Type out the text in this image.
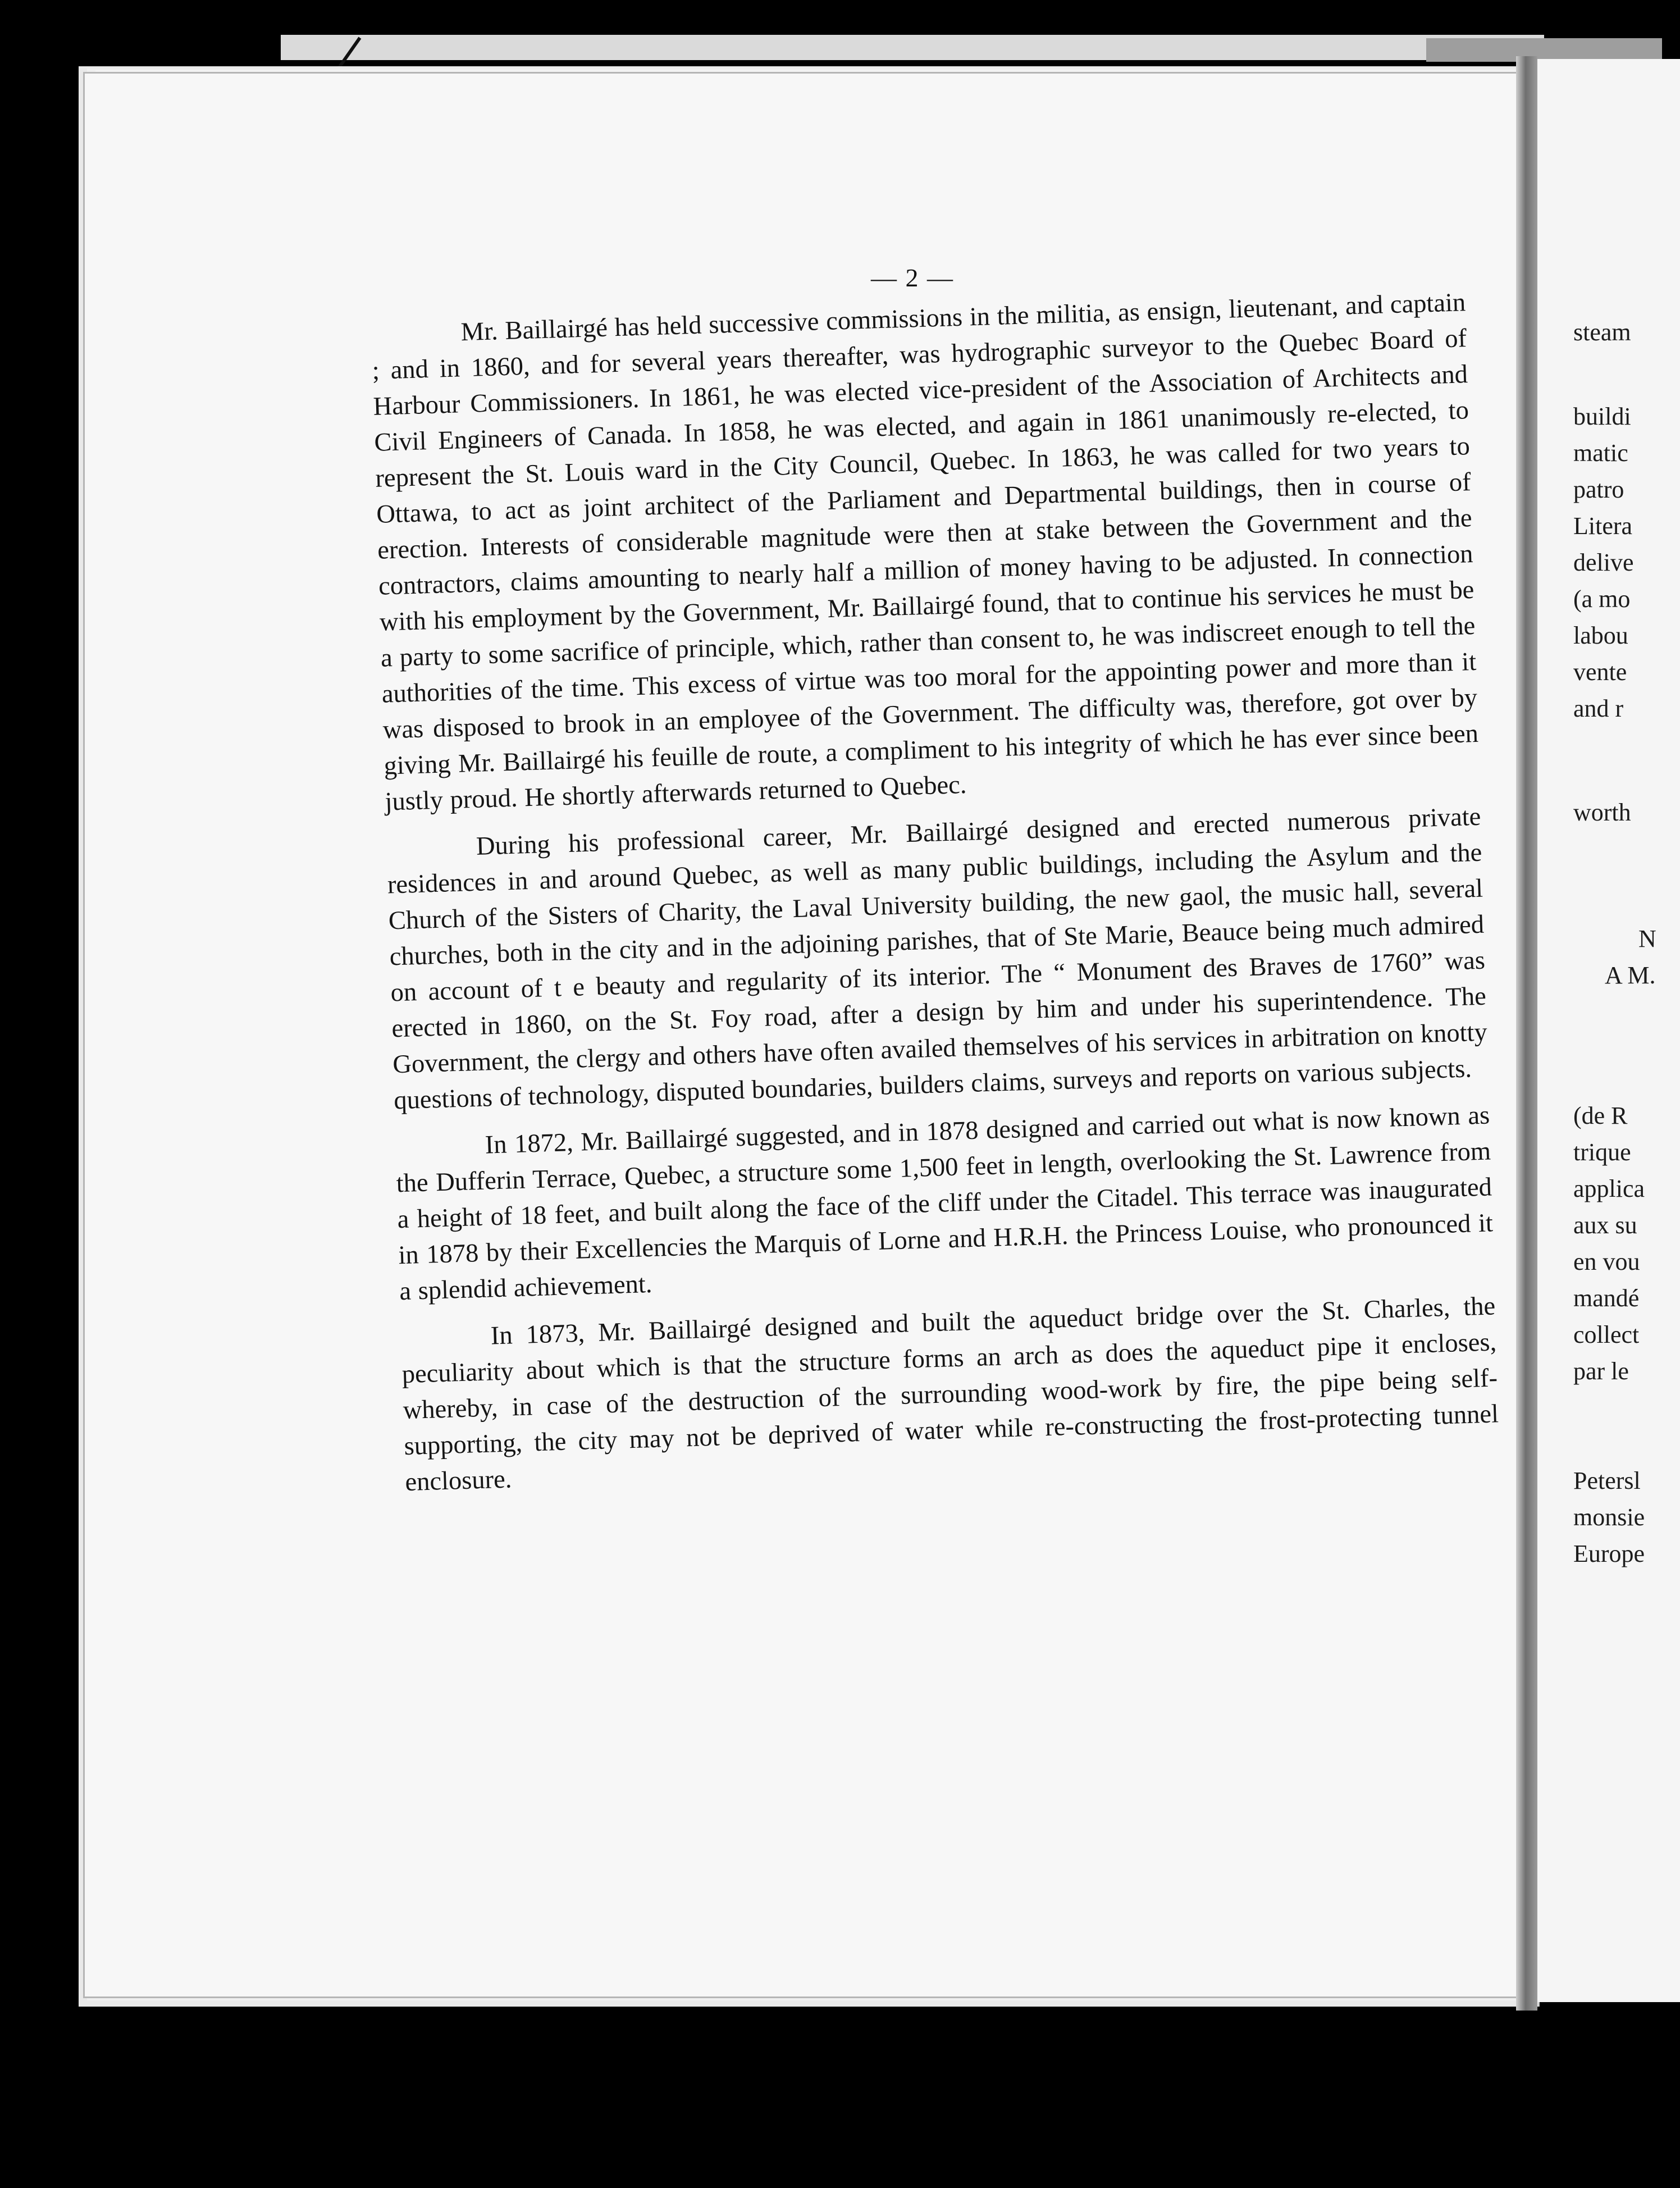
— 2 —

Mr. Baillairgé has held successive commissions in the militia, as ensign, lieutenant, and captain ; and in 1860, and for several years thereafter, was hydrographic surveyor to the Quebec Board of Harbour Commissioners. In 1861, he was elected vice-president of the Association of Architects and Civil Engineers of Canada. In 1858, he was elected, and again in 1861 unanimously re-elected, to represent the St. Louis ward in the City Council, Quebec. In 1863, he was called for two years to Ottawa, to act as joint architect of the Parliament and Departmental buildings, then in course of erection. Interests of considerable magnitude were then at stake between the Government and the contractors, claims amounting to nearly half a million of money having to be adjusted. In connection with his employment by the Government, Mr. Baillairgé found, that to continue his services he must be a party to some sacrifice of principle, which, rather than consent to, he was indiscreet enough to tell the authorities of the time. This excess of virtue was too moral for the appointing power and more than it was disposed to brook in an employee of the Government. The difficulty was, therefore, got over by giving Mr. Baillairgé his feuille de route, a compliment to his integrity of which he has ever since been justly proud. He shortly afterwards returned to Quebec.

During his professional career, Mr. Baillairgé designed and erected numerous private residences in and around Quebec, as well as many public buildings, including the Asylum and the Church of the Sisters of Charity, the Laval University building, the new gaol, the music hall, several churches, both in the city and in the adjoining parishes, that of Ste Marie, Beauce being much admired on account of t e beauty and regularity of its interior. The “ Monument des Braves de 1760” was erected in 1860, on the St. Foy road, after a design by him and under his superintendence. The Government, the clergy and others have often availed themselves of his services in arbitration on knotty questions of technology, disputed boundaries, builders claims, surveys and reports on various subjects.

In 1872, Mr. Baillairgé suggested, and in 1878 designed and carried out what is now known as the Dufferin Terrace, Quebec, a structure some 1,500 feet in length, overlooking the St. Lawrence from a height of 18 feet, and built along the face of the cliff under the Citadel. This terrace was inaugurated in 1878 by their Excellencies the Marquis of Lorne and H.R.H. the Princess Louise, who pronounced it a splendid achievement.

In 1873, Mr. Baillairgé designed and built the aqueduct bridge over the St. Charles, the peculiarity about which is that the structure forms an arch as does the aqueduct pipe it encloses, whereby, in case of the destruction of the surrounding wood-work by fire, the pipe being self-supporting, the city may not be deprived of water while re-constructing the frost-protecting tunnel enclosure.

steam

buildi

matic

patro

Litera

delive

(a mo

labou

vente

and r

worth

N

A M.

(de R

trique

applica

aux su

en vou

mandé

collect

par le

Petersl

monsie

Europe
